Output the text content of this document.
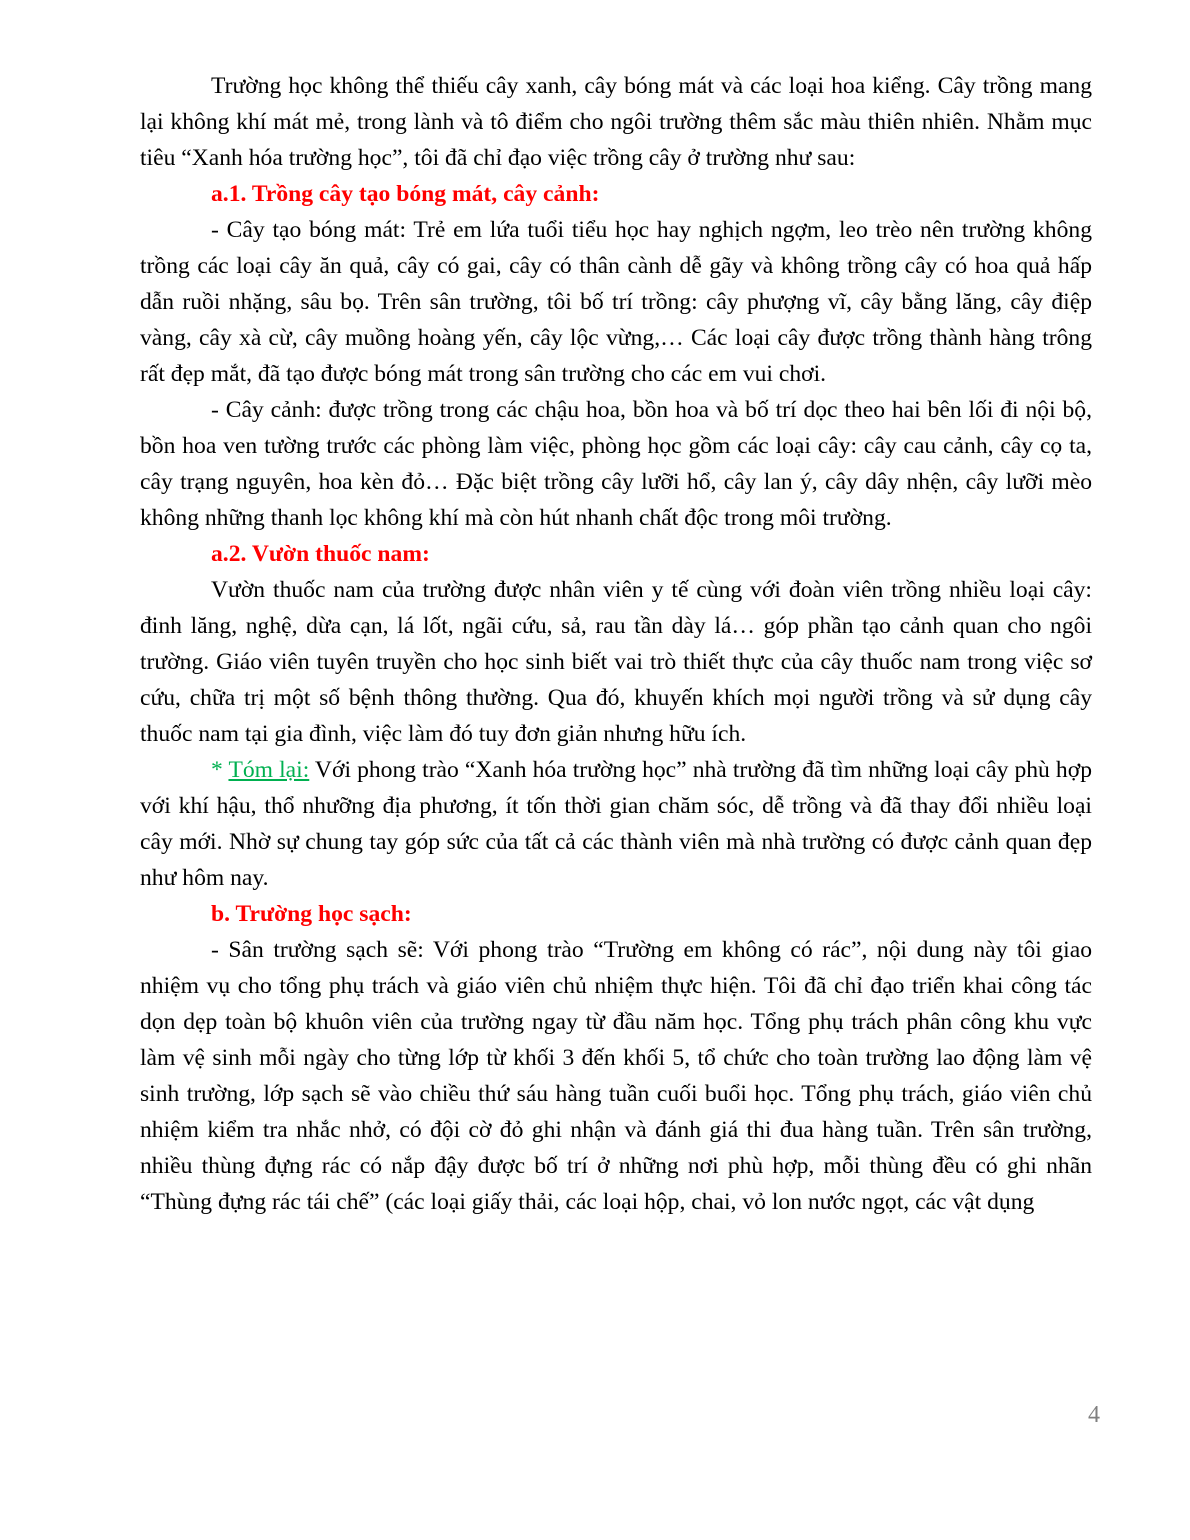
Trường học không thể thiếu cây xanh, cây bóng mát và các loại hoa kiểng. Cây trồng mang lại không khí mát mẻ, trong lành và tô điểm cho ngôi trường thêm sắc màu thiên nhiên. Nhằm mục tiêu “Xanh hóa trường học”, tôi đã chỉ đạo việc trồng cây ở trường như sau:

a.1. Trồng cây tạo bóng mát, cây cảnh:

- Cây tạo bóng mát: Trẻ em lứa tuổi tiểu học hay nghịch ngợm, leo trèo nên trường không trồng các loại cây ăn quả, cây có gai, cây có thân cành dễ gãy và không trồng cây có hoa quả hấp dẫn ruồi nhặng, sâu bọ. Trên sân trường, tôi bố trí trồng: cây phượng vĩ, cây bằng lăng, cây điệp vàng, cây xà cừ, cây muồng hoàng yến, cây lộc vừng,… Các loại cây được trồng thành hàng trông rất đẹp mắt, đã tạo được bóng mát trong sân trường cho các em vui chơi.

- Cây cảnh: được trồng trong các chậu hoa, bồn hoa và bố trí dọc theo hai bên lối đi nội bộ, bồn hoa ven tường trước các phòng làm việc, phòng học gồm các loại cây: cây cau cảnh, cây cọ ta, cây trạng nguyên, hoa kèn đỏ… Đặc biệt trồng cây lưỡi hổ, cây lan ý, cây dây nhện, cây lưỡi mèo không những thanh lọc không khí mà còn hút nhanh chất độc trong môi trường.

a.2. Vườn thuốc nam:

Vườn thuốc nam của trường được nhân viên y tế cùng với đoàn viên trồng nhiều loại cây: đinh lăng, nghệ, dừa cạn, lá lốt, ngãi cứu, sả, rau tần dày lá… góp phần tạo cảnh quan cho ngôi trường. Giáo viên tuyên truyền cho học sinh biết vai trò thiết thực của cây thuốc nam trong việc sơ cứu, chữa trị một số bệnh thông thường. Qua đó, khuyến khích mọi người trồng và sử dụng cây thuốc nam tại gia đình, việc làm đó tuy đơn giản nhưng hữu ích.

* Tóm lại: Với phong trào “Xanh hóa trường học” nhà trường đã tìm những loại cây phù hợp với khí hậu, thổ nhưỡng địa phương, ít tốn thời gian chăm sóc, dễ trồng và đã thay đổi nhiều loại cây mới. Nhờ sự chung tay góp sức của tất cả các thành viên mà nhà trường có được cảnh quan đẹp như hôm nay.

b. Trường học sạch:

- Sân trường sạch sẽ: Với phong trào “Trường em không có rác”, nội dung này tôi giao nhiệm vụ cho tổng phụ trách và giáo viên chủ nhiệm thực hiện. Tôi đã chỉ đạo triển khai công tác dọn dẹp toàn bộ khuôn viên của trường ngay từ đầu năm học. Tổng phụ trách phân công khu vực làm vệ sinh mỗi ngày cho từng lớp từ khối 3 đến khối 5, tổ chức cho toàn trường lao động làm vệ sinh trường, lớp sạch sẽ vào chiều thứ sáu hàng tuần cuối buổi học. Tổng phụ trách, giáo viên chủ nhiệm kiểm tra nhắc nhở, có đội cờ đỏ ghi nhận và đánh giá thi đua hàng tuần. Trên sân trường, nhiều thùng đựng rác có nắp đậy được bố trí ở những nơi phù hợp, mỗi thùng đều có ghi nhãn “Thùng đựng rác tái chế” (các loại giấy thải, các loại hộp, chai, vỏ lon nước ngọt, các vật dụng

4
